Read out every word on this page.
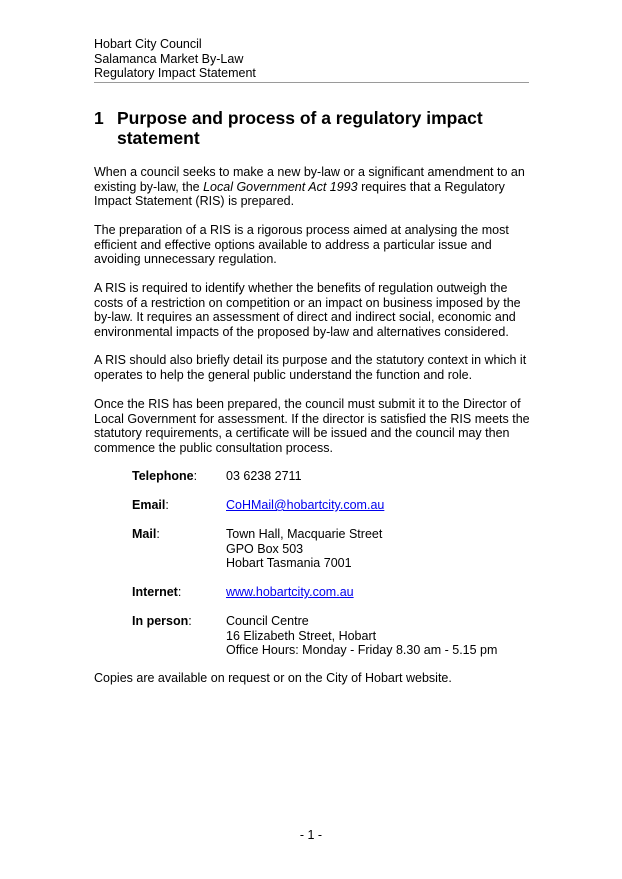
Hobart City Council
Salamanca Market By-Law
Regulatory Impact Statement
1 Purpose and process of a regulatory impact statement

When a council seeks to make a new by-law or a significant amendment to an existing by-law, the Local Government Act 1993 requires that a Regulatory Impact Statement (RIS) is prepared.

The preparation of a RIS is a rigorous process aimed at analysing the most efficient and effective options available to address a particular issue and avoiding unnecessary regulation.

A RIS is required to identify whether the benefits of regulation outweigh the costs of a restriction on competition or an impact on business imposed by the by-law. It requires an assessment of direct and indirect social, economic and environmental impacts of the proposed by-law and alternatives considered.

A RIS should also briefly detail its purpose and the statutory context in which it operates to help the general public understand the function and role.

Once the RIS has been prepared, the council must submit it to the Director of Local Government for assessment. If the director is satisfied the RIS meets the statutory requirements, a certificate will be issued and the council may then commence the public consultation process.

Telephone: 03 6238 2711
Email:	CoHMail@hobartcity.com.au
Mail:	Town Hall, Macquarie Street
GPO Box 503
Hobart Tasmania 7001
Internet:	www.hobartcity.com.au
In person:	Council Centre
16 Elizabeth Street, Hobart
Office Hours: Monday - Friday 8.30 am - 5.15 pm

Copies are available on request or on the City of Hobart website.

- 1 -
